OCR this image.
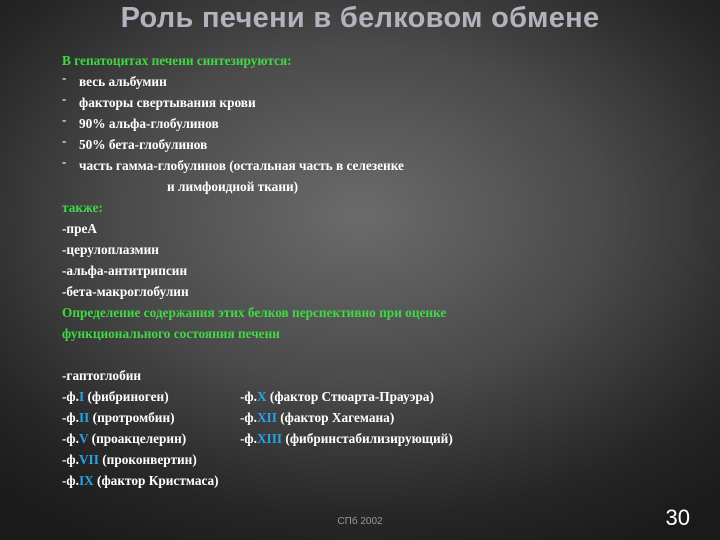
Роль печени в белковом обмене
В гепатоцитах печени синтезируются:
- весь альбумин
- факторы свертывания крови
- 90% альфа-глобулинов
- 50% бета-глобулинов
- часть гамма-глобулинов (остальная часть в селезенке
и лимфоидной ткани)
также:
-преА
-церулоплазмин
-альфа-антитрипсин
-бета-макроглобулин
Определение содержания этих белков перспективно при оценке
функционального состояния печени
-гаптоглобин
-ф.I (фибриноген)	-ф.X (фактор Стюарта-Прауэра)
-ф.II (протромбин)	-ф.XII (фактор Хагемана)
-ф.V (проакцелерин)	-ф.XIII (фибринстабилизирующий)
-ф.VII (проконвертин)
-ф.IX (фактор Кристмаса)
СПб 2002	30
